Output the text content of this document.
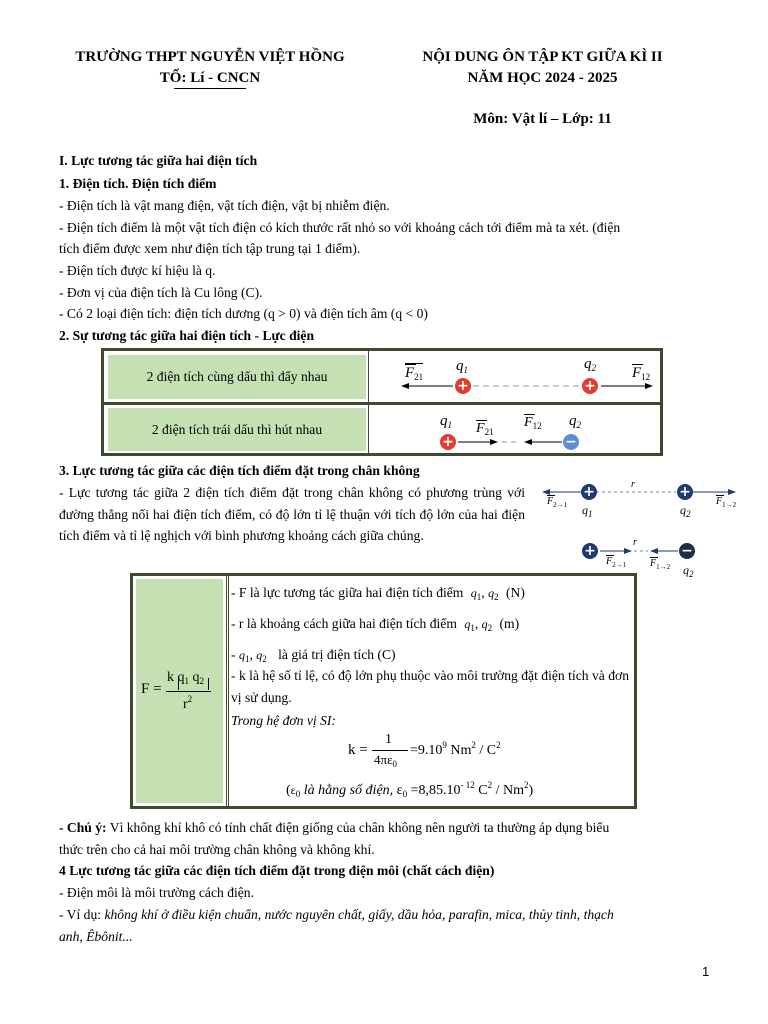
TRƯỜNG THPT NGUYỄN VIỆT HỒNG
TỔ: Lí - CNCN
NỘI DUNG ÔN TẬP KT GIỮA KÌ II
NĂM HỌC 2024 - 2025
Môn: Vật lí – Lớp: 11
I. Lực tương tác giữa hai điện tích
1. Điện tích. Điện tích điểm
- Điện tích là vật mang điện, vật tích điện, vật bị nhiễm điện.
- Điện tích điểm là một vật tích điện có kích thước rất nhỏ so với khoảng cách tới điểm mà ta xét. (điện
tích điểm được xem như điện tích tập trung tại 1 điểm).
- Điện tích được kí hiệu là q.
- Đơn vị của điện tích là Cu lông (C).
- Có 2 loại điện tích: điện tích dương (q > 0) và điện tích âm (q < 0)
2. Sự tương tác giữa hai điện tích - Lực điện
2 điện tích cùng dấu thì đẩy nhau
2 điện tích trái dấu thì hút nhau
$F_{21}$
$q_1$	$q_2$ $F_{12}$
+	+
$q_1$ $F_{21}$
$F_{12}$ $q_2$
+	−
3. Lực tương tác giữa các điện tích điểm đặt trong chân không
- Lực tương tác giữa 2 điện tích điểm đặt trong chân không có phương trùng với đường thẳng nối hai điện tích điểm, có độ lớn tỉ lệ thuận với tích độ lớn của hai điện tích điểm và tỉ lệ nghịch với bình phương khoảng cách giữa chúng.
+	+
r
$F_{2\to 1}$	$F_{1\to 2}$
$q_1$	$q_2$
+	−
r
$F_{2\to 1}$ $F_{1\to 2}$ $q_2$
F =
k $q_1$ $q_2$
$r^2$
- F là lực tương tác giữa hai điện tích điểm $q_1$, $q_2$ (N)
- r là khoảng cách giữa hai điện tích điểm $q_1$, $q_2$ (m)
- $q_1$, $q_2$ là giá trị điện tích (C)
- k là hệ số tỉ lệ, có độ lớn phụ thuộc vào môi trường đặt điện tích và đơn vị sử dụng.
Trong hệ đơn vị SI:
k =
1
$4\pi\varepsilon_0$
$=9.10^9$ $Nm^2 / C^2$
($\varepsilon_0$ là hằng số điện, $\varepsilon_0 =8,85.10^{- 12}$ $C^2 / Nm^2$)
- Chú ý: Vì không khí khô có tính chất điện giống của chân không nên người ta thường áp dụng biểu
thức trên cho cả hai môi trường chân không và không khí.
4 Lực tương tác giữa các điện tích điểm đặt trong điện môi (chất cách điện)
- Điện môi là môi trường cách điện.
- Ví dụ: không khí ở điều kiện chuẩn, nước nguyên chất, giấy, dầu hỏa, parafin, mica, thủy tinh, thạch
anh, Êbônit...
1
